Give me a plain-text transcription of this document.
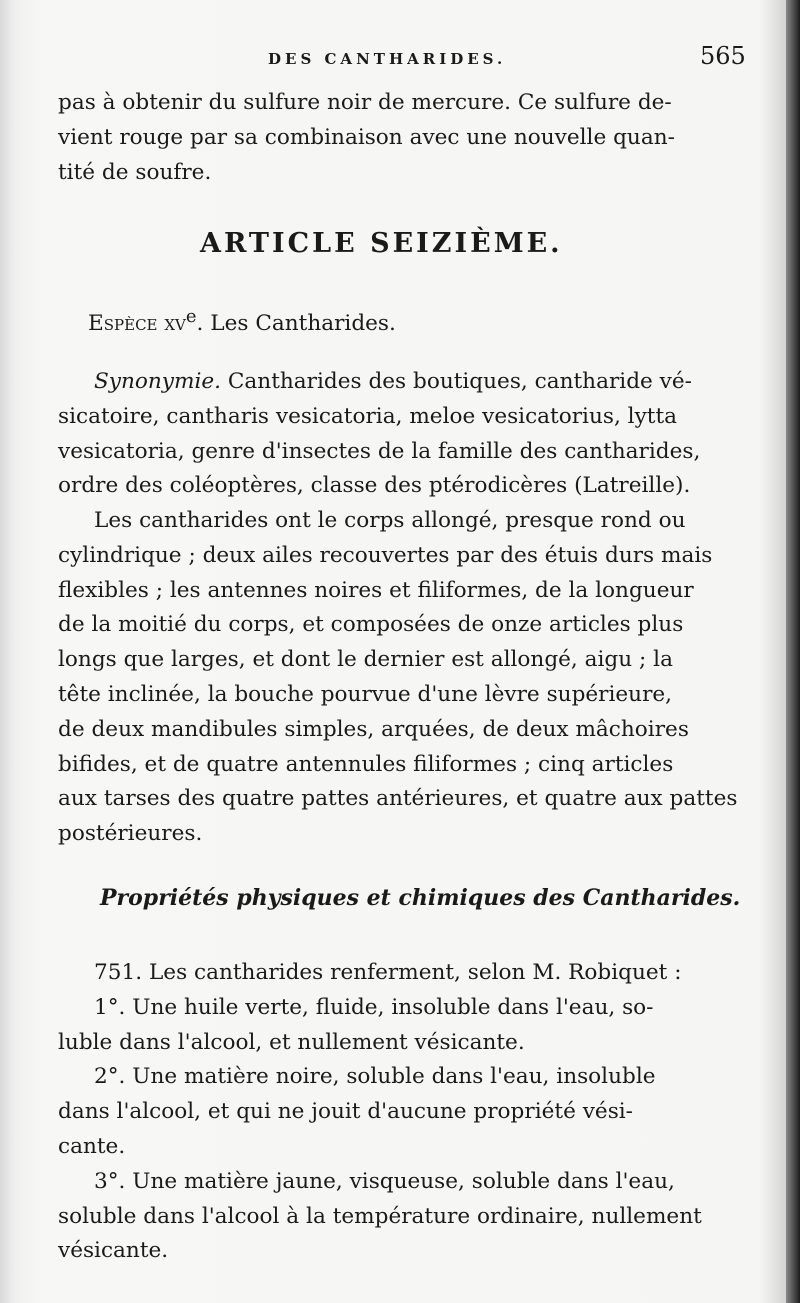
DES CANTHARIDES.	565

pas à obtenir du sulfure noir de mercure. Ce sulfure de-
vient rouge par sa combinaison avec une nouvelle quan-
tité de soufre.

ARTICLE SEIZIÈME.

Espèce $xv^e$. Les Cantharides.

Synonymie. Cantharides des boutiques, cantharide vé-
sicatoire, cantharis vesicatoria, meloe vesicatorius, lytta
vesicatoria, genre d'insectes de la famille des cantharides,
ordre des coléoptères, classe des ptérodicères (Latreille).

Les cantharides ont le corps allongé, presque rond ou
cylindrique ; deux ailes recouvertes par des étuis durs mais
flexibles ; les antennes noires et filiformes, de la longueur
de la moitié du corps, et composées de onze articles plus
longs que larges, et dont le dernier est allongé, aigu ; la
tête inclinée, la bouche pourvue d'une lèvre supérieure,
de deux mandibules simples, arquées, de deux mâchoires
bifides, et de quatre antennules filiformes ; cinq articles
aux tarses des quatre pattes antérieures, et quatre aux pattes
postérieures.

Propriétés physiques et chimiques des Cantharides.

751. Les cantharides renferment, selon M. Robiquet :
1°. Une huile verte, fluide, insoluble dans l'eau, so-
luble dans l'alcool, et nullement vésicante.
2°. Une matière noire, soluble dans l'eau, insoluble
dans l'alcool, et qui ne jouit d'aucune propriété vési-
cante.
3°. Une matière jaune, visqueuse, soluble dans l'eau,
soluble dans l'alcool à la température ordinaire, nullement
vésicante.
